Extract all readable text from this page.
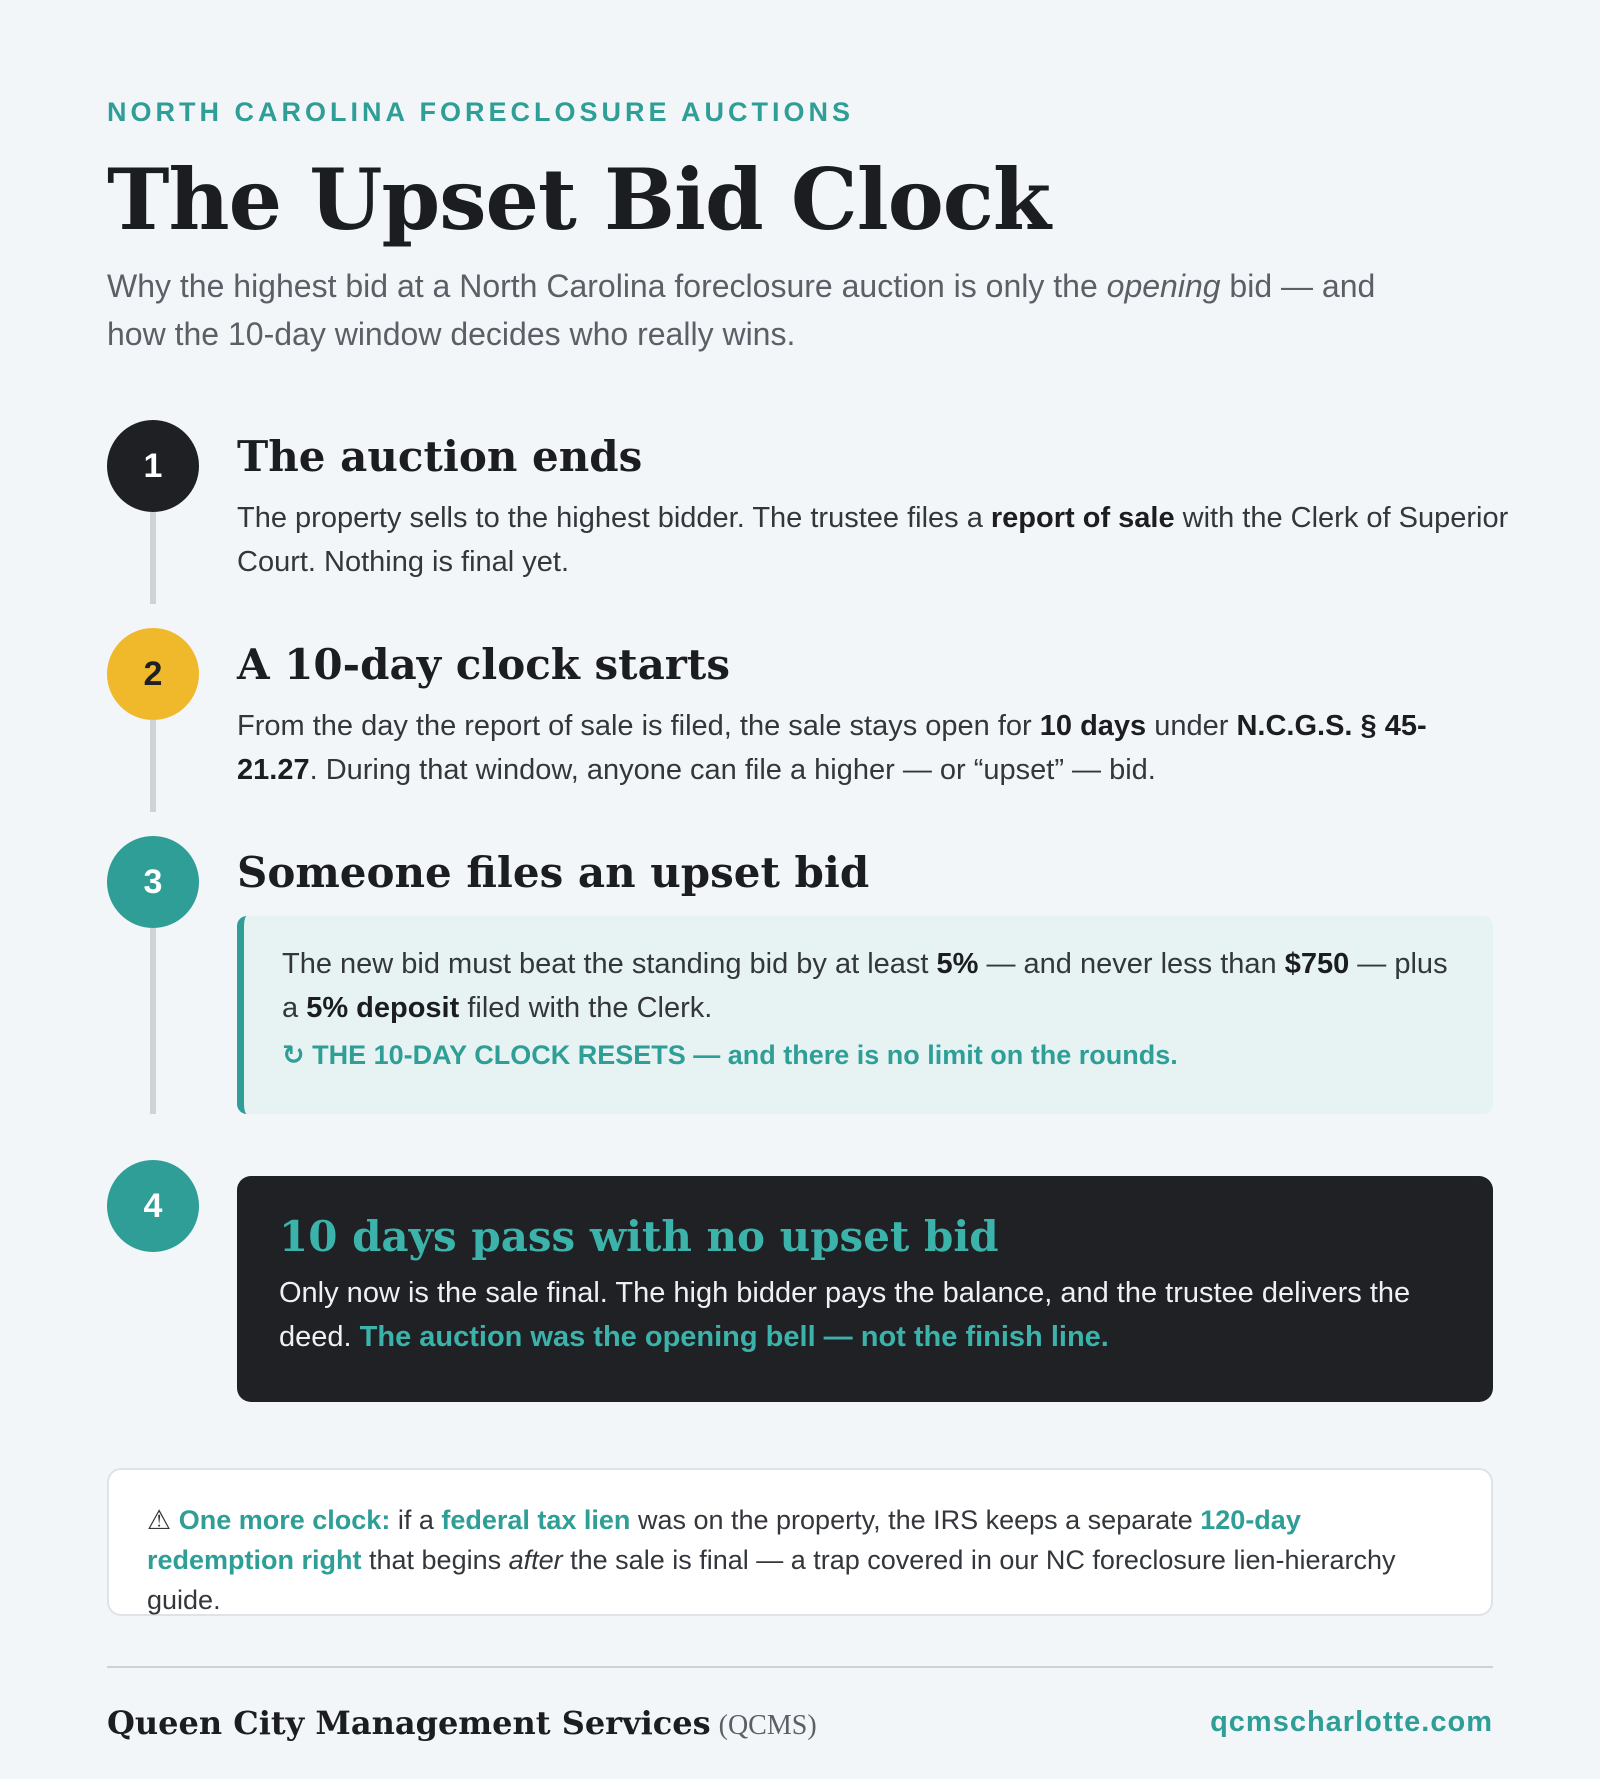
NORTH CAROLINA FORECLOSURE AUCTIONS
The Upset Bid Clock

Why the highest bid at a North Carolina foreclosure auction is only the opening bid — and how the 10-day window decides who really wins.

1	The auction ends

The property sells to the highest bidder. The trustee files a report of sale with the Clerk of Superior Court. Nothing is final yet.

2	A 10-day clock starts

From the day the report of sale is filed, the sale stays open for 10 days under N.C.G.S. § 45-21.27. During that window, anyone can file a higher — or “upset” — bid.

3	Someone files an upset bid

The new bid must beat the standing bid by at least 5% — and never less than $750 — plus a 5% deposit filed with the Clerk.

↻ THE 10-DAY CLOCK RESETS — and there is no limit on the rounds.

4
10 days pass with no upset bid

Only now is the sale final. The high bidder pays the balance, and the trustee delivers the deed. The auction was the opening bell — not the finish line.

⚠ One more clock: if a federal tax lien was on the property, the IRS keeps a separate 120-day redemption right that begins after the sale is final — a trap covered in our NC foreclosure lien-hierarchy guide.
Queen City Management Services (QCMS)	qcmscharlotte.com
